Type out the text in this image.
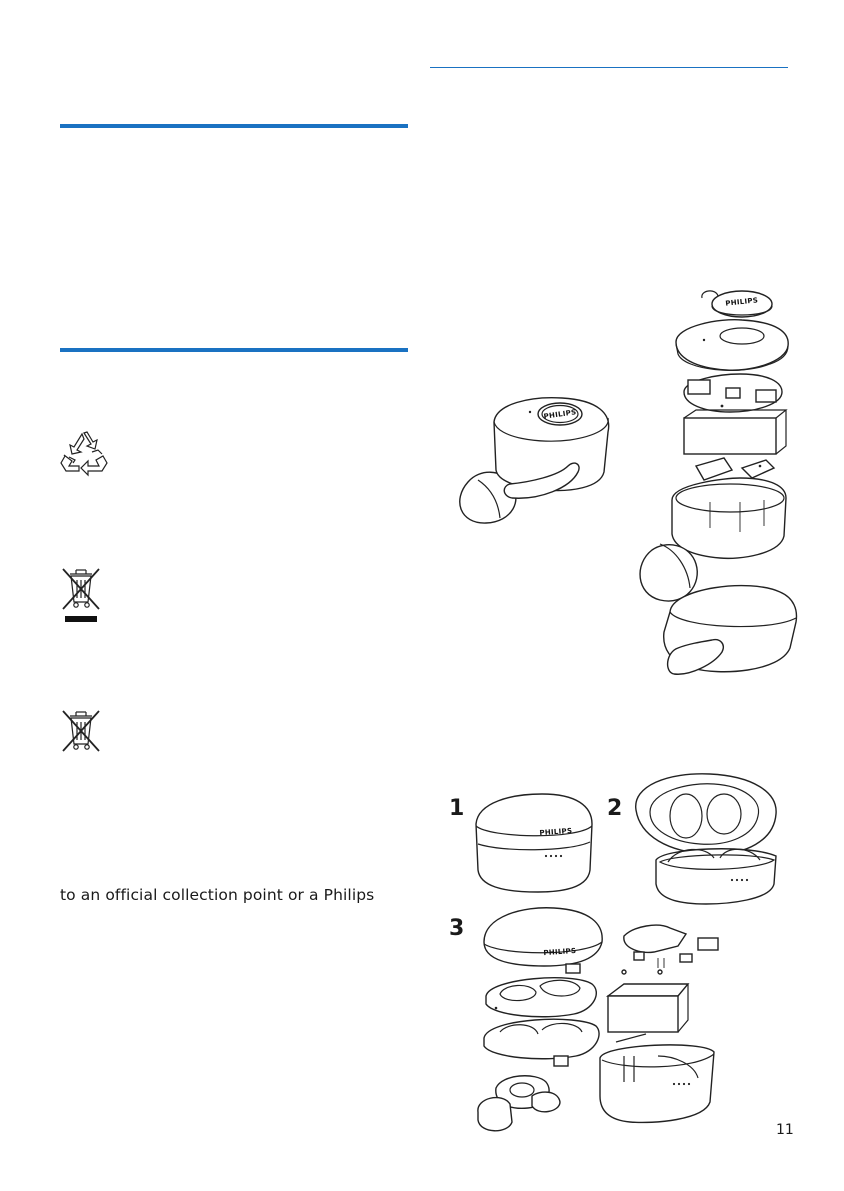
to an official collection point or a Philips
PHILIPS
PHILIPS
1
PHILIPS
2
3
PHILIPS
11
